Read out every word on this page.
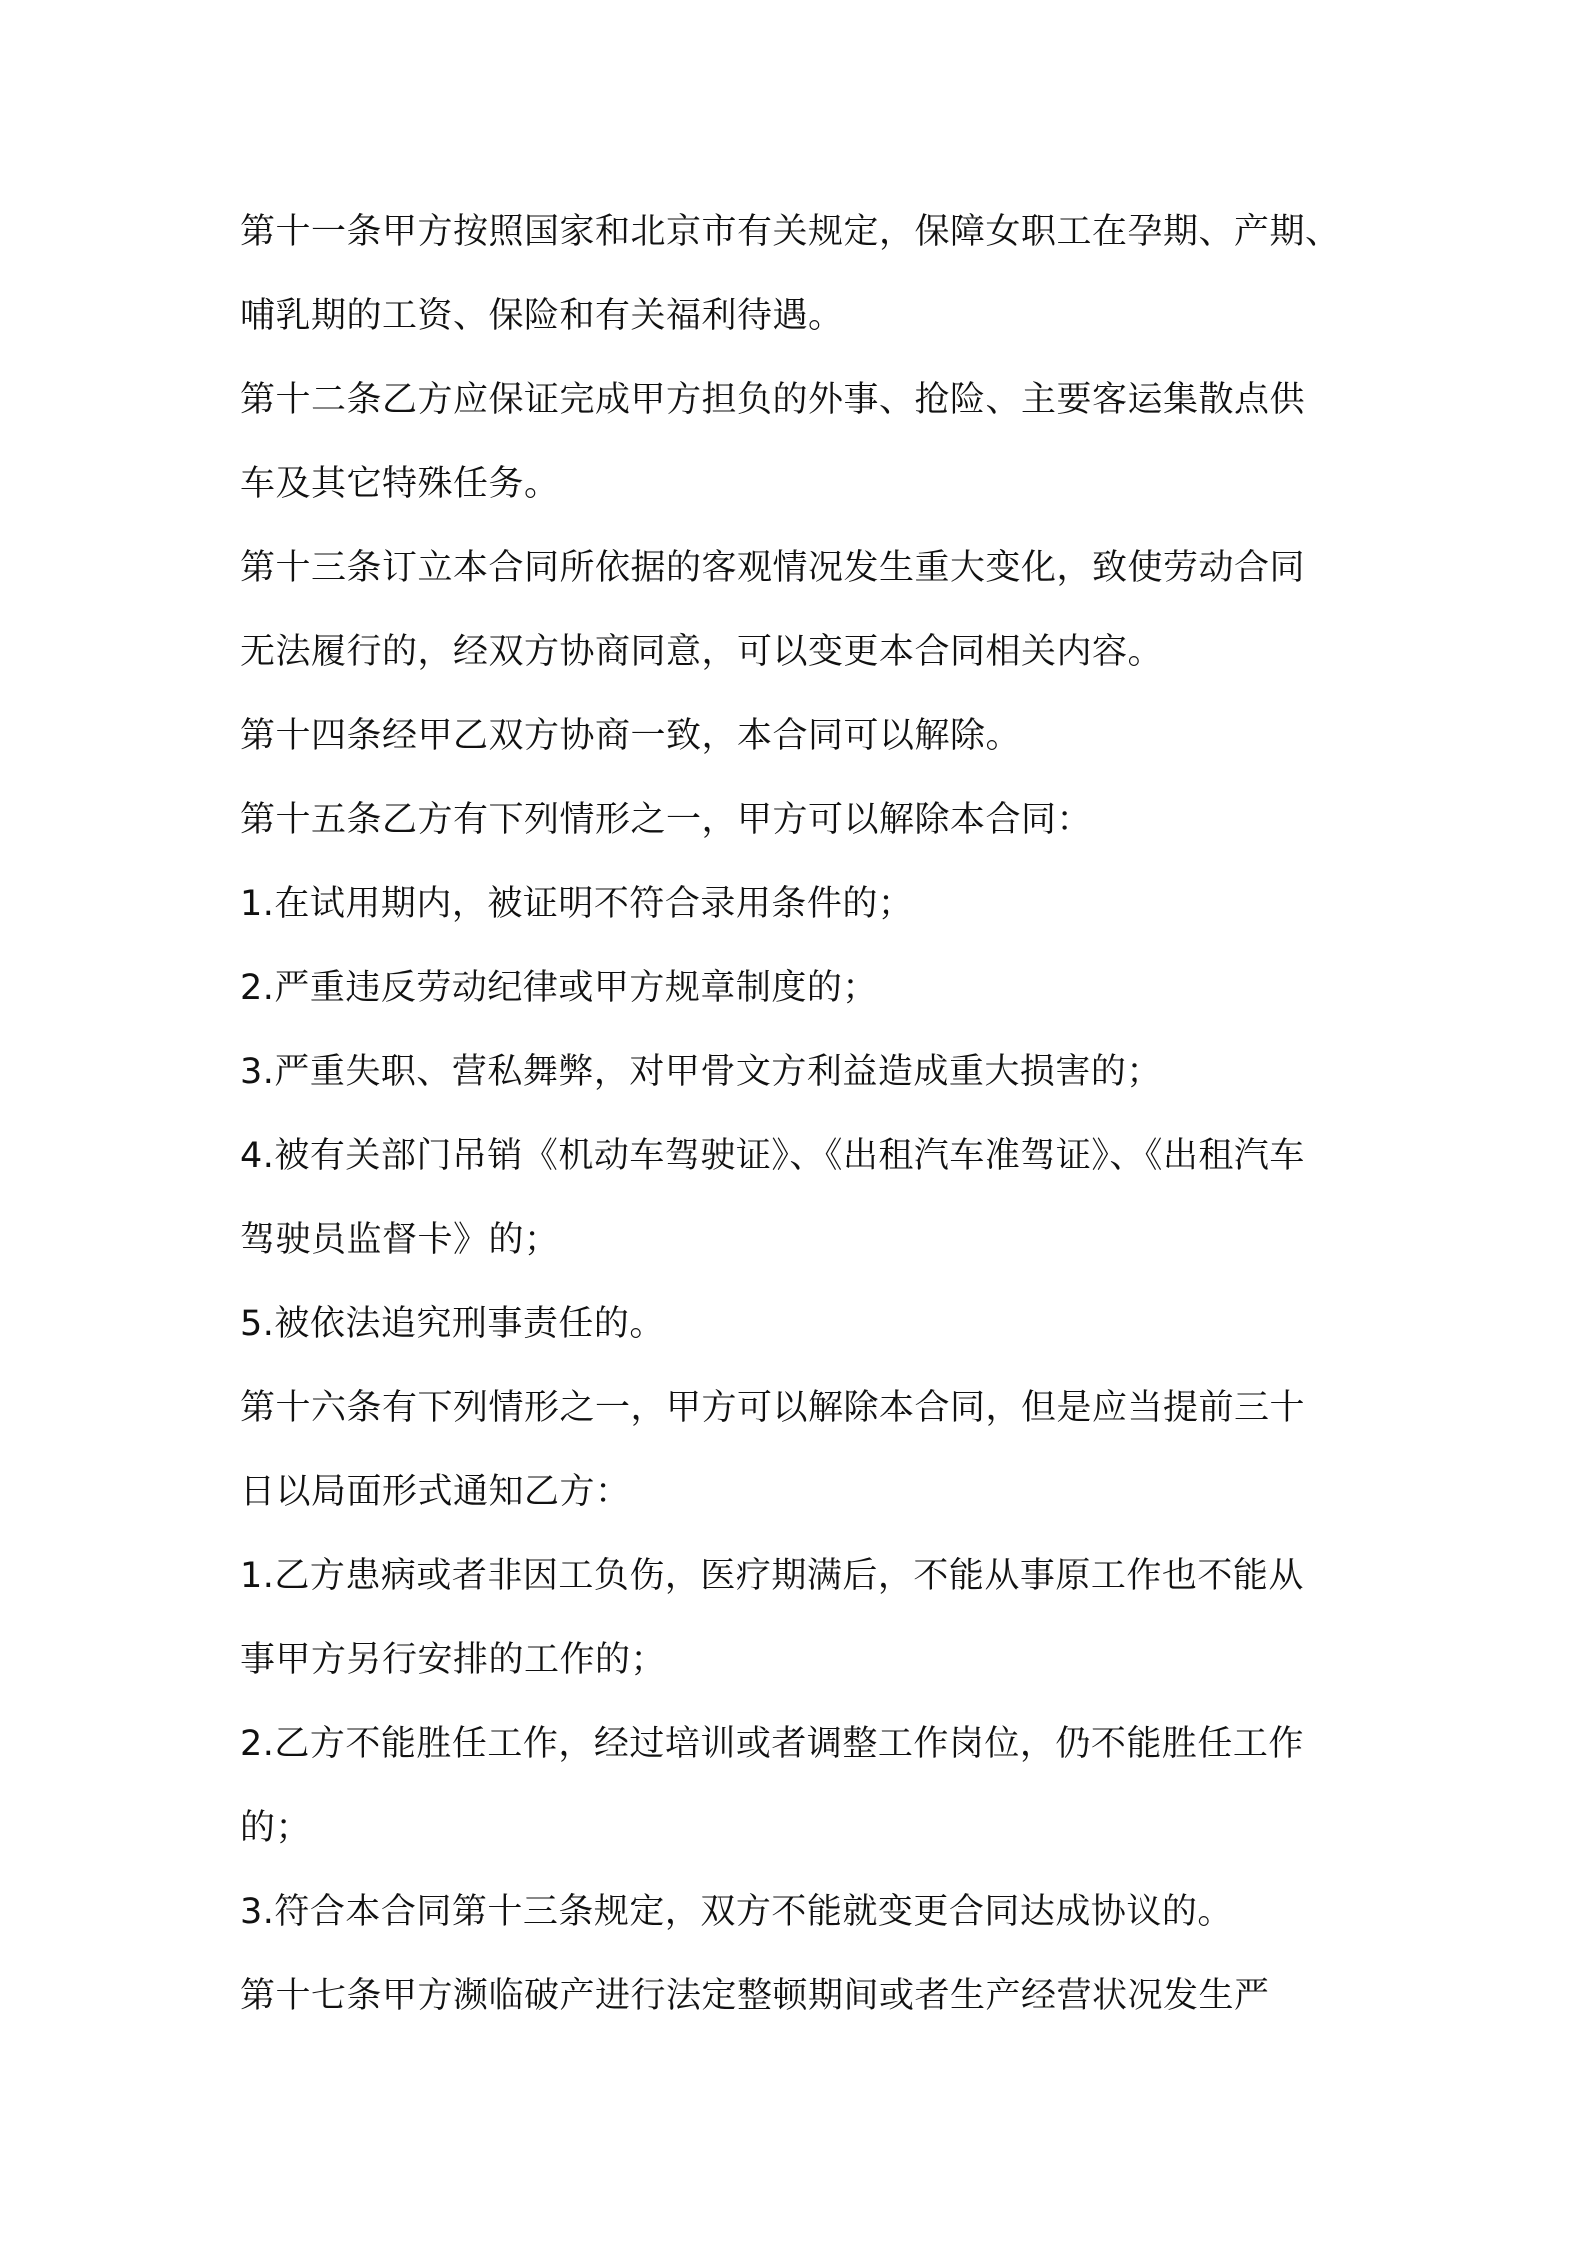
第十一条甲方按照国家和北京市有关规定，保障女职工在孕期、产期、
哺乳期的工资、保险和有关福利待遇。
第十二条乙方应保证完成甲方担负的外事、抢险、主要客运集散点供
车及其它特殊任务。
第十三条订立本合同所依据的客观情况发生重大变化，致使劳动合同
无法履行的，经双方协商同意，可以变更本合同相关内容。
第十四条经甲乙双方协商一致，本合同可以解除。
第十五条乙方有下列情形之一，甲方可以解除本合同：
1.在试用期内，被证明不符合录用条件的；
2.严重违反劳动纪律或甲方规章制度的；
3.严重失职、营私舞弊，对甲骨文方利益造成重大损害的；
4.被有关部门吊销《机动车驾驶证》、《出租汽车准驾证》、《出租汽车
驾驶员监督卡》的；
5.被依法追究刑事责任的。
第十六条有下列情形之一，甲方可以解除本合同，但是应当提前三十
日以局面形式通知乙方：
1.乙方患病或者非因工负伤，医疗期满后，不能从事原工作也不能从
事甲方另行安排的工作的；
2.乙方不能胜任工作，经过培训或者调整工作岗位，仍不能胜任工作
的；
3.符合本合同第十三条规定，双方不能就变更合同达成协议的。
第十七条甲方濒临破产进行法定整顿期间或者生产经营状况发生严
